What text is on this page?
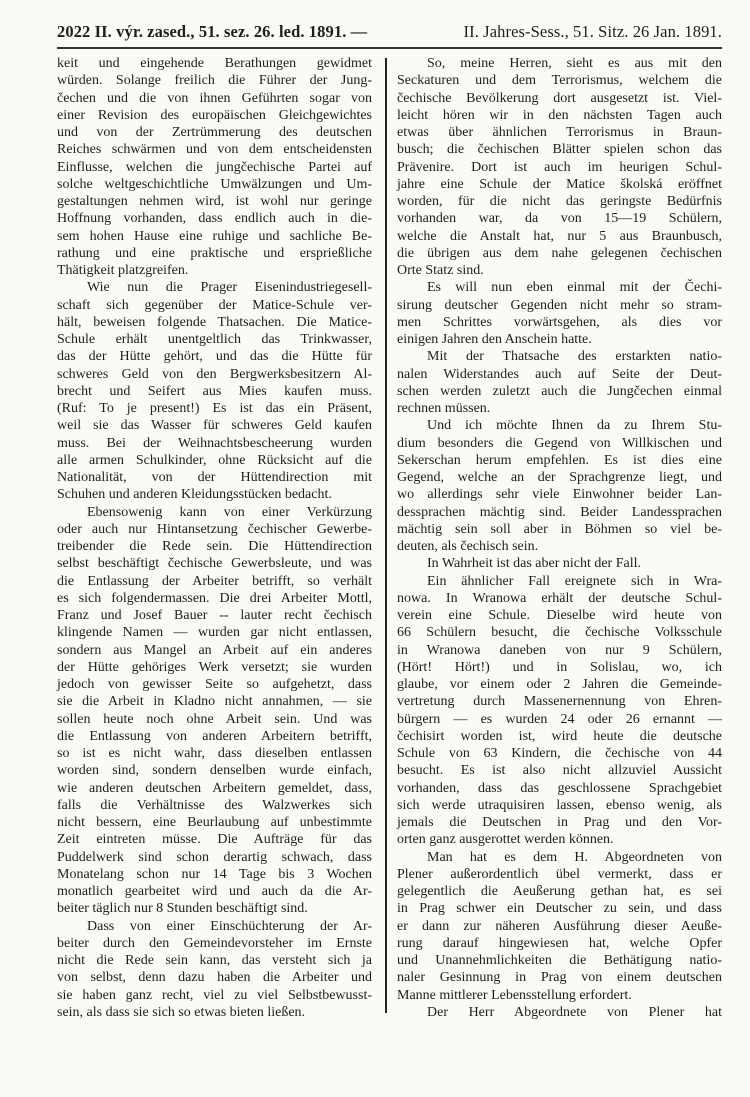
2022 II. výr. zased., 51. sez. 26. led. 1891. —	II. Jahres-Sess., 51. Sitz. 26 Jan. 1891.
keit und eingehende Berathungen gewidmet
würden. Solange freilich die Führer der Jung-
čechen und die von ihnen Geführten sogar von
einer Revision des europäischen Gleichgewichtes
und von der Zertrümmerung des deutschen
Reiches schwärmen und von dem entscheidensten
Einflusse, welchen die jungčechische Partei auf
solche weltgeschichtliche Umwälzungen und Um-
gestaltungen nehmen wird, ist wohl nur geringe
Hoffnung vorhanden, dass endlich auch in die-
sem hohen Hause eine ruhige und sachliche Be-
rathung und eine praktische und ersprießliche
Thätigkeit platzgreifen.
Wie nun die Prager Eisenindustriegesell-
schaft sich gegenüber der Matice-Schule ver-
hält, beweisen folgende Thatsachen. Die Matice-
Schule erhält unentgeltlich das Trinkwasser,
das der Hütte gehört, und das die Hütte für
schweres Geld von den Bergwerksbesitzern Al-
brecht und Seifert aus Mies kaufen muss.
(Ruf: To je present!) Es ist das ein Präsent,
weil sie das Wasser für schweres Geld kaufen
muss. Bei der Weihnachtsbescheerung wurden
alle armen Schulkinder, ohne Rücksicht auf die
Nationalität, von der Hüttendirection mit
Schuhen und anderen Kleidungsstücken bedacht.
Ebensowenig kann von einer Verkürzung
oder auch nur Hintansetzung čechischer Gewerbe-
treibender die Rede sein. Die Hüttendirection
selbst beschäftigt čechische Gewerbsleute, und was
die Entlassung der Arbeiter betrifft, so verhält
es sich folgendermassen. Die drei Arbeiter Mottl,
Franz und Josef Bauer -- lauter recht čechisch
klingende Namen — wurden gar nicht entlassen,
sondern aus Mangel an Arbeit auf ein anderes
der Hütte gehöriges Werk versetzt; sie wurden
jedoch von gewisser Seite so aufgehetzt, dass
sie die Arbeit in Kladno nicht annahmen, — sie
sollen heute noch ohne Arbeit sein. Und was
die Entlassung von anderen Arbeitern betrifft,
so ist es nicht wahr, dass dieselben entlassen
worden sind, sondern denselben wurde einfach,
wie anderen deutschen Arbeitern gemeldet, dass,
falls die Verhältnisse des Walzwerkes sich
nicht bessern, eine Beurlaubung auf unbestimmte
Zeit eintreten müsse. Die Aufträge für das
Puddelwerk sind schon derartig schwach, dass
Monatelang schon nur 14 Tage bis 3 Wochen
monatlich gearbeitet wird und auch da die Ar-
beiter täglich nur 8 Stunden beschäftigt sind.
Dass von einer Einschüchterung der Ar-
beiter durch den Gemeindevorsteher im Ernste
nicht die Rede sein kann, das versteht sich ja
von selbst, denn dazu haben die Arbeiter und
sie haben ganz recht, viel zu viel Selbstbewusst-
sein, als dass sie sich so etwas bieten ließen.
So, meine Herren, sieht es aus mit den
Seckaturen und dem Terrorismus, welchem die
čechische Bevölkerung dort ausgesetzt ist. Viel-
leicht hören wir in den nächsten Tagen auch
etwas über ähnlichen Terrorismus in Braun-
busch; die čechischen Blätter spielen schon das
Prävenire. Dort ist auch im heurigen Schul-
jahre eine Schule der Matice školská eröffnet
worden, für die nicht das geringste Bedürfnis
vorhanden war, da von 15—19 Schülern,
welche die Anstalt hat, nur 5 aus Braunbusch,
die übrigen aus dem nahe gelegenen čechischen
Orte Statz sind.
Es will nun eben einmal mit der Čechi-
sirung deutscher Gegenden nicht mehr so stram-
men Schrittes vorwärtsgehen, als dies vor
einigen Jahren den Anschein hatte.
Mit der Thatsache des erstarkten natio-
nalen Widerstandes auch auf Seite der Deut-
schen werden zuletzt auch die Jungčechen einmal
rechnen müssen.
Und ich möchte Ihnen da zu Ihrem Stu-
dium besonders die Gegend von Willkischen und
Sekerschan herum empfehlen. Es ist dies eine
Gegend, welche an der Sprachgrenze liegt, und
wo allerdings sehr viele Einwohner beider Lan-
dessprachen mächtig sind. Beider Landessprachen
mächtig sein soll aber in Böhmen so viel be-
deuten, als čechisch sein.
In Wahrheit ist das aber nicht der Fall.
Ein ähnlicher Fall ereignete sich in Wra-
nowa. In Wranowa erhält der deutsche Schul-
verein eine Schule. Dieselbe wird heute von
66 Schülern besucht, die čechische Volksschule
in Wranowa daneben von nur 9 Schülern,
(Hört! Hört!) und in Solislau, wo, ich
glaube, vor einem oder 2 Jahren die Gemeinde-
vertretung durch Massenernennung von Ehren-
bürgern — es wurden 24 oder 26 ernannt —
čechisirt worden ist, wird heute die deutsche
Schule von 63 Kindern, die čechische von 44
besucht. Es ist also nicht allzuviel Aussicht
vorhanden, dass das geschlossene Sprachgebiet
sich werde utraquisiren lassen, ebenso wenig, als
jemals die Deutschen in Prag und den Vor-
orten ganz ausgerottet werden können.
Man hat es dem H. Abgeordneten von
Plener außerordentlich übel vermerkt, dass er
gelegentlich die Aeußerung gethan hat, es sei
in Prag schwer ein Deutscher zu sein, und dass
er dann zur näheren Ausführung dieser Aeuße-
rung darauf hingewiesen hat, welche Opfer
und Unannehmlichkeiten die Bethätigung natio-
naler Gesinnung in Prag von einem deutschen
Manne mittlerer Lebensstellung erfordert.
Der Herr Abgeordnete von Plener hat
